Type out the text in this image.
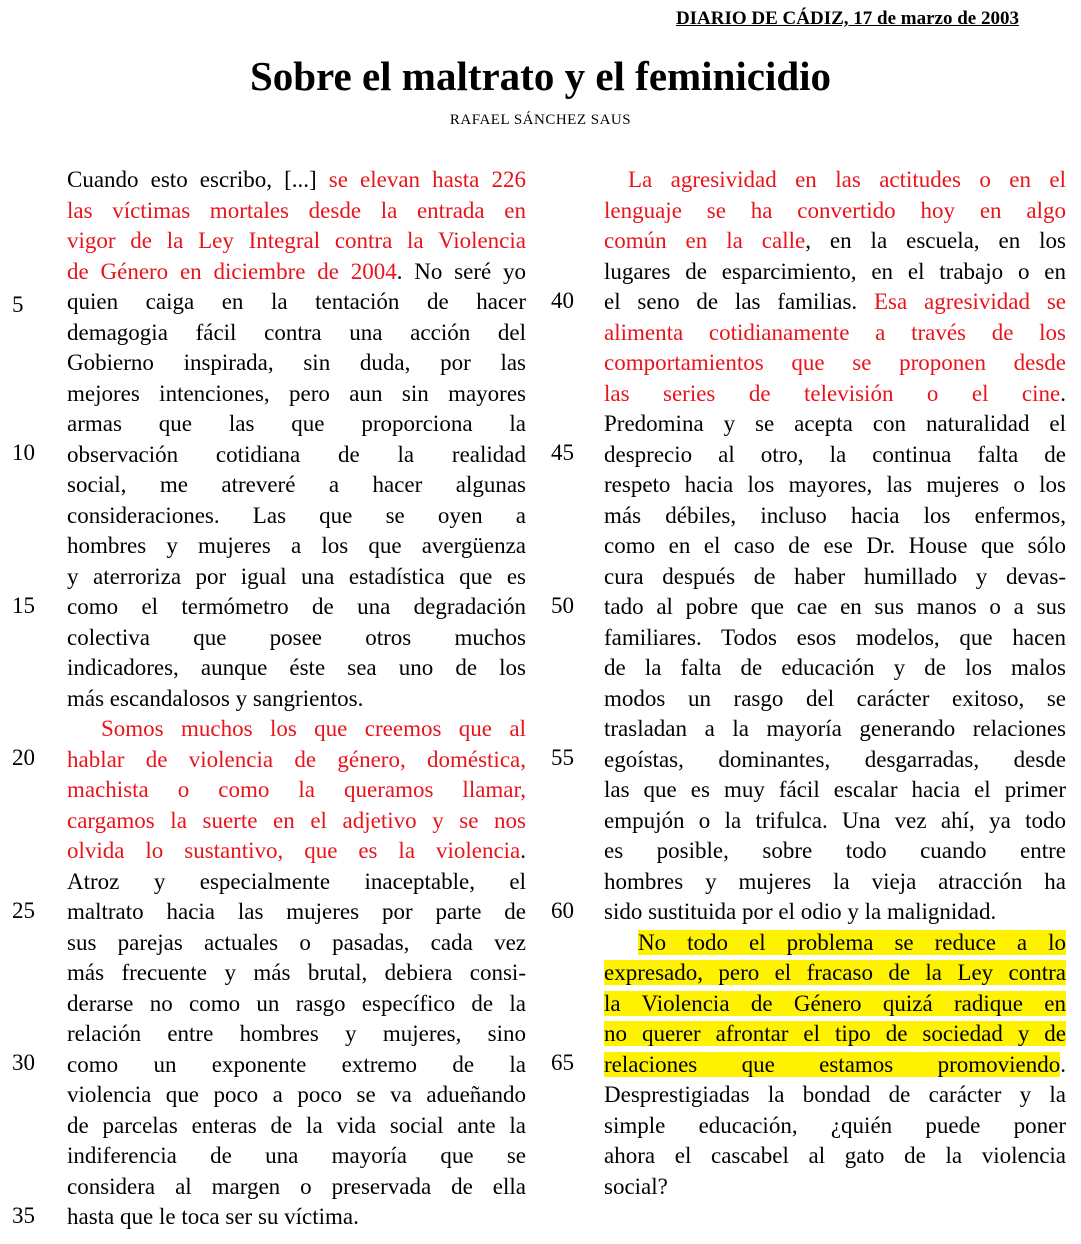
DIARIO DE CÁDIZ, 17 de marzo de 2003
Sobre el maltrato y el feminicidio
RAFAEL SÁNCHEZ SAUS
5
10
15
20
25
30
35
40
45
50
55
60
65
Cuando esto escribo, [...] se elevan hasta 226
las víctimas mortales desde la entrada en
vigor de la Ley Integral contra la Violencia
de Género en diciembre de 2004. No seré yo
quien caiga en la tentación de hacer
demagogia fácil contra una acción del
Gobierno inspirada, sin duda, por las
mejores intenciones, pero aun sin mayores
armas que las que proporciona la
observación cotidiana de la realidad
social, me atreveré a hacer algunas
consideraciones. Las que se oyen a
hombres y mujeres a los que avergüenza
y aterroriza por igual una estadística que es
como el termómetro de una degradación
colectiva que posee otros muchos
indicadores, aunque éste sea uno de los
más escandalosos y sangrientos.
Somos muchos los que creemos que al
hablar de violencia de género, doméstica,
machista o como la queramos llamar,
cargamos la suerte en el adjetivo y se nos
olvida lo sustantivo, que es la violencia.
Atroz y especialmente inaceptable, el
maltrato hacia las mujeres por parte de
sus parejas actuales o pasadas, cada vez
más frecuente y más brutal, debiera consi-
derarse no como un rasgo específico de la
relación entre hombres y mujeres, sino
como un exponente extremo de la
violencia que poco a poco se va adueñando
de parcelas enteras de la vida social ante la
indiferencia de una mayoría que se
considera al margen o preservada de ella
hasta que le toca ser su víctima.
La agresividad en las actitudes o en el
lenguaje se ha convertido hoy en algo
común en la calle, en la escuela, en los
lugares de esparcimiento, en el trabajo o en
el seno de las familias. Esa agresividad se
alimenta cotidianamente a través de los
comportamientos que se proponen desde
las series de televisión o el cine.
Predomina y se acepta con naturalidad el
desprecio al otro, la continua falta de
respeto hacia los mayores, las mujeres o los
más débiles, incluso hacia los enfermos,
como en el caso de ese Dr. House que sólo
cura después de haber humillado y devas-
tado al pobre que cae en sus manos o a sus
familiares. Todos esos modelos, que hacen
de la falta de educación y de los malos
modos un rasgo del carácter exitoso, se
trasladan a la mayoría generando relaciones
egoístas, dominantes, desgarradas, desde
las que es muy fácil escalar hacia el primer
empujón o la trifulca. Una vez ahí, ya todo
es posible, sobre todo cuando entre
hombres y mujeres la vieja atracción ha
sido sustituida por el odio y la malignidad.
No todo el problema se reduce a lo
expresado, pero el fracaso de la Ley contra
la Violencia de Género quizá radique en
no querer afrontar el tipo de sociedad y de
relaciones que estamos promoviendo.
Desprestigiadas la bondad de carácter y la
simple educación, ¿quién puede poner
ahora el cascabel al gato de la violencia
social?
